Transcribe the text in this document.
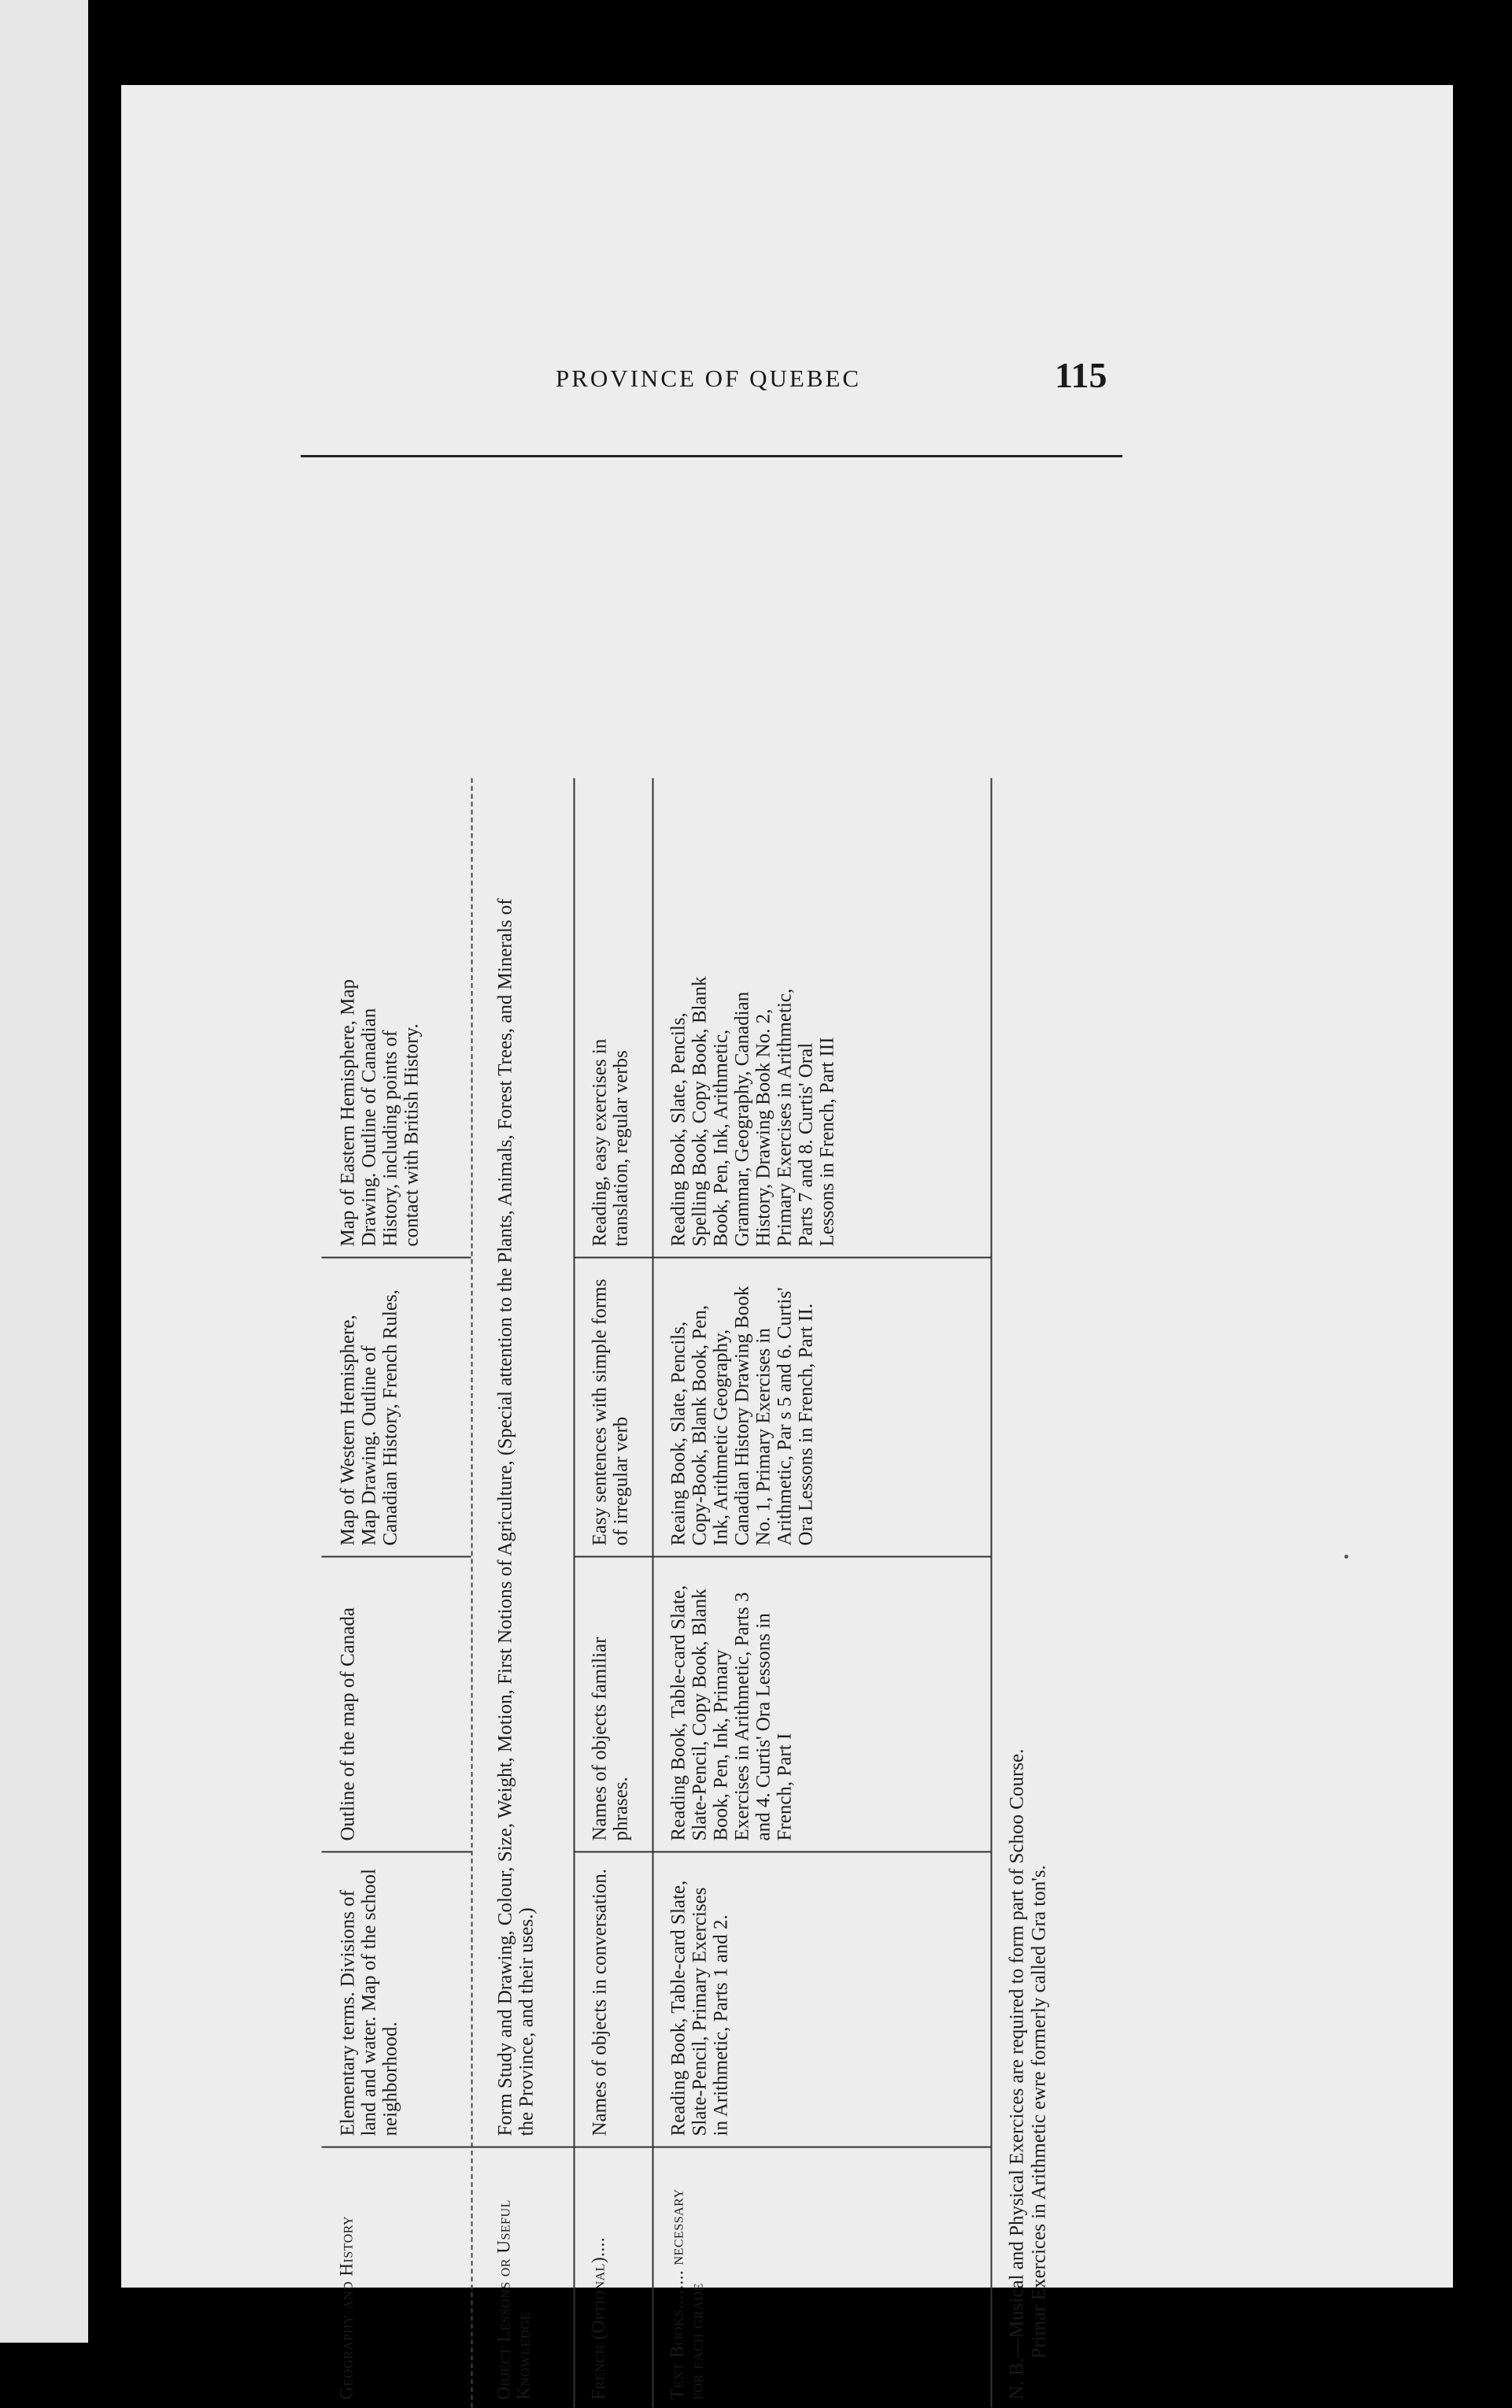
PROVINCE OF QUEBEC	115
Geography and History
Elementary terms. Divisions of land and water. Map of the school neighborhood.
Outline of the map of Canada
Map of Western Hemisphere, Map Drawing. Outline of Canadian History, French Rules,
Map of Eastern Hemisphere, Map Drawing. Outline of Canadian History, including points of contact with British History.
Object Lessons or Useful Knowledge
Form Study and Drawing, Colour, Size, Weight, Motion, First Notions of Agriculture, (Special attention to the Plants, Animals, Forest Trees, and Minerals of the Province, and their uses.)
French (Optional)....
Names of objects in conversation.
Names of objects familiar phrases.
Easy sentences with simple forms of irregular verb
Reading, easy exercises in translation, regular verbs
Text Books........ necessary for each grade
Reading Book, Table-card Slate, Slate-Pencil, Primary Exercises in Arithmetic, Parts 1 and 2.
Reading Book, Table-card Slate, Slate-Pencil, Copy Book, Blank Book, Pen, Ink, Primary Exercises in Arithmetic, Parts 3 and 4. Curtis' Ora Lessons in French, Part I
Reaing Book, Slate, Pencils, Copy-Book, Blank Book, Pen, Ink, Arithmetic Geography, Canadian History Drawing Book No. 1, Primary Exercises in Arithmetic, Par s 5 and 6. Curtis' Ora Lessons in French, Part II.
Reading Book, Slate, Pencils, Spelling Book, Copy Book, Blank Book, Pen, Ink, Arithmetic, Grammar, Geography, Canadian History, Drawing Book No. 2, Primary Exercises in Arithmetic, Parts 7 and 8. Curtis' Oral Lessons in French, Part III
N. B.—Musical and Physical Exercices are required to form part of Schoo Course. Primar Exercices in Arithmetic ewre formerly called Gra ton's.
